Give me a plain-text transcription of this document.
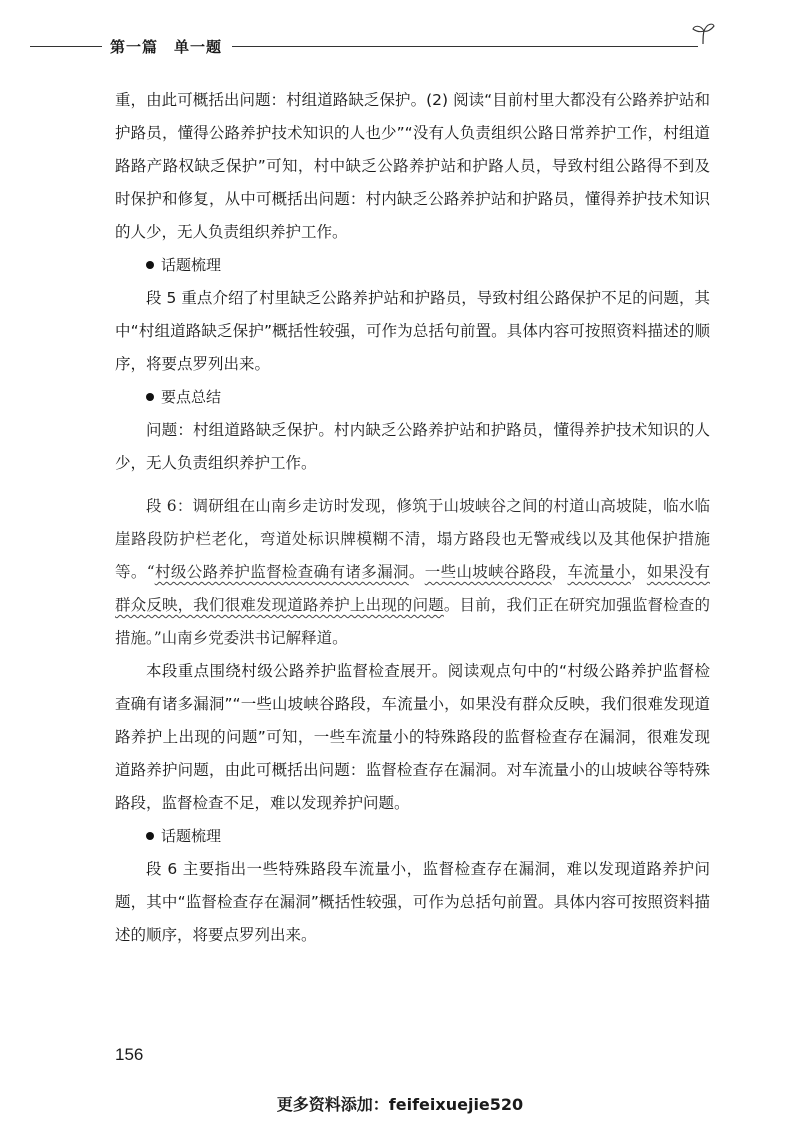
第一篇 单一题

重，由此可概括出问题：村组道路缺乏保护。(2) 阅读“目前村里大都没有公路养护站和护路员，懂得公路养护技术知识的人也少”“没有人负责组织公路日常养护工作，村组道路路产路权缺乏保护”可知，村中缺乏公路养护站和护路人员，导致村组公路得不到及时保护和修复，从中可概括出问题：村内缺乏公路养护站和护路员，懂得养护技术知识的人少，无人负责组织养护工作。

话题梳理

段 5 重点介绍了村里缺乏公路养护站和护路员，导致村组公路保护不足的问题，其中“村组道路缺乏保护”概括性较强，可作为总括句前置。具体内容可按照资料描述的顺序，将要点罗列出来。

要点总结

问题：村组道路缺乏保护。村内缺乏公路养护站和护路员，懂得养护技术知识的人少，无人负责组织养护工作。

段 6：调研组在山南乡走访时发现，修筑于山坡峡谷之间的村道山高坡陡，临水临崖路段防护栏老化，弯道处标识牌模糊不清，塌方路段也无警戒线以及其他保护措施等。“村级公路养护监督检查确有诸多漏洞。一些山坡峡谷路段，车流量小，如果没有群众反映，我们很难发现道路养护上出现的问题。目前，我们正在研究加强监督检查的措施。”山南乡党委洪书记解释道。

本段重点围绕村级公路养护监督检查展开。阅读观点句中的“村级公路养护监督检查确有诸多漏洞”“一些山坡峡谷路段，车流量小，如果没有群众反映，我们很难发现道路养护上出现的问题”可知，一些车流量小的特殊路段的监督检查存在漏洞，很难发现道路养护问题，由此可概括出问题：监督检查存在漏洞。对车流量小的山坡峡谷等特殊路段，监督检查不足，难以发现养护问题。

话题梳理

段 6 主要指出一些特殊路段车流量小，监督检查存在漏洞，难以发现道路养护问题，其中“监督检查存在漏洞”概括性较强，可作为总括句前置。具体内容可按照资料描述的顺序，将要点罗列出来。

156
更多资料添加：feifeixuejie520
